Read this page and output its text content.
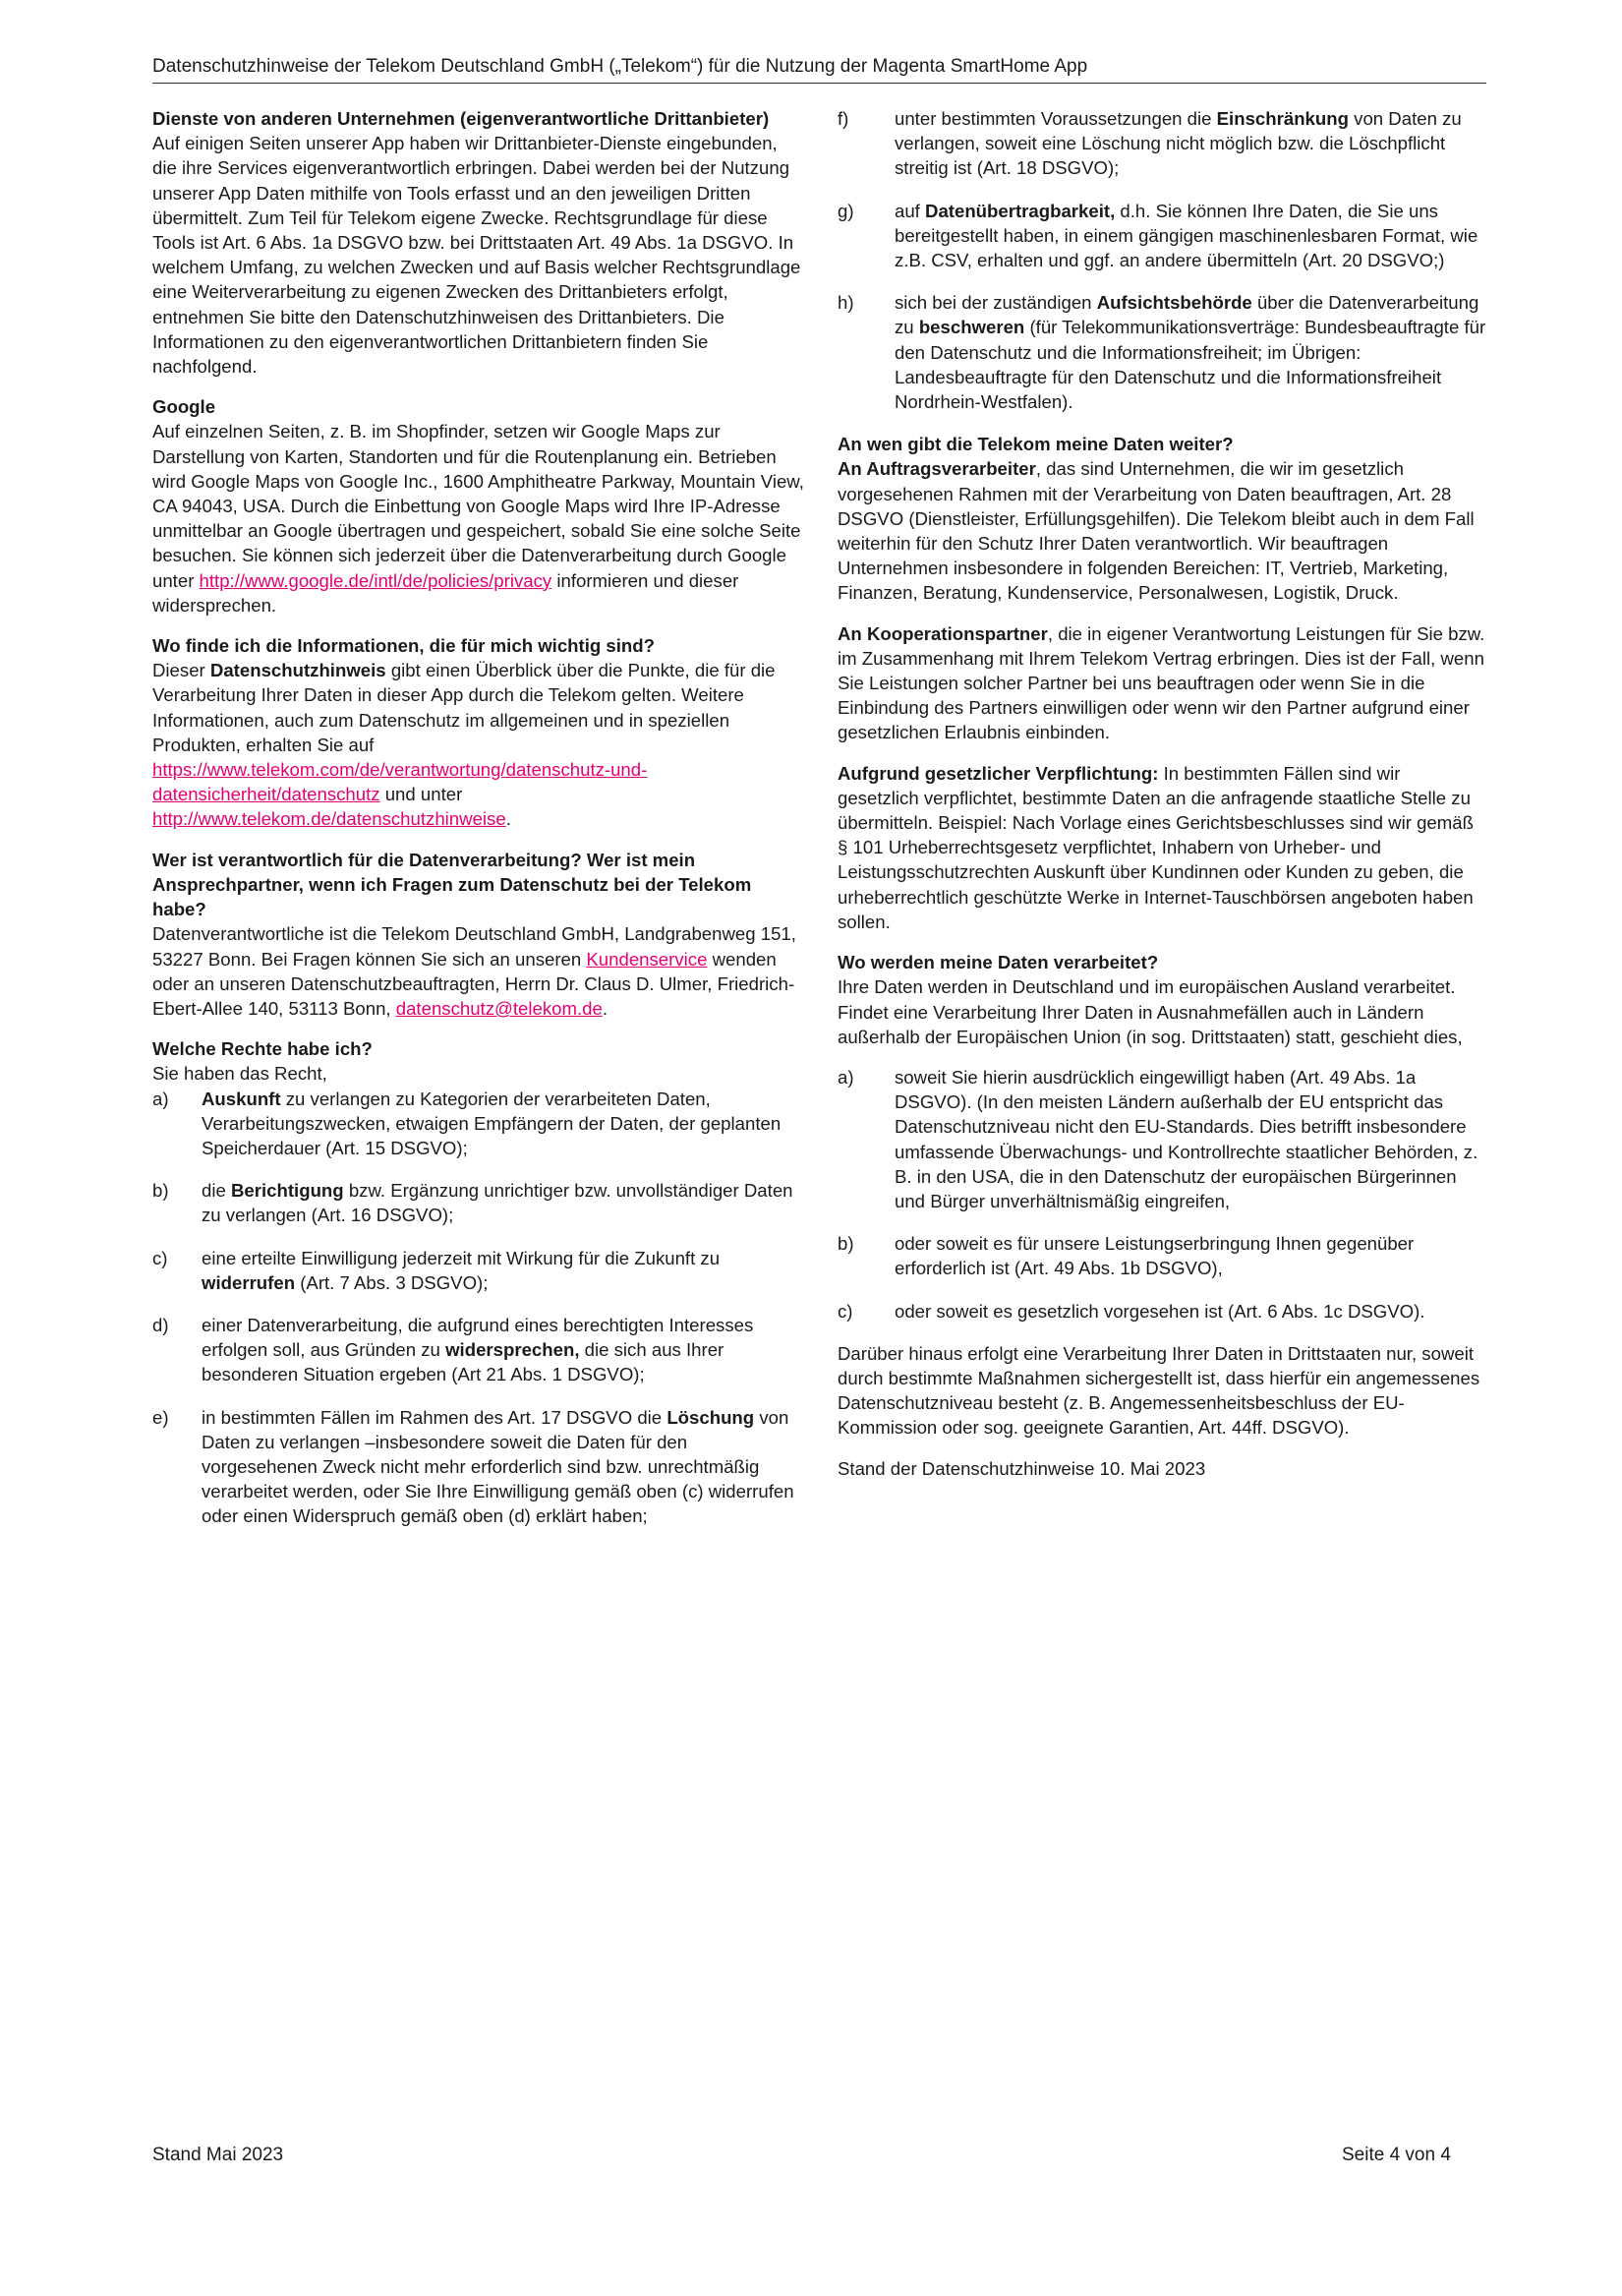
Datenschutzhinweise der Telekom Deutschland GmbH („Telekom“) für die Nutzung der Magenta SmartHome App

Dienste von anderen Unternehmen (eigenverantwortliche Drittanbieter)
Auf einigen Seiten unserer App haben wir Drittanbieter-Dienste eingebunden, die ihre Services eigenverantwortlich erbringen. Dabei werden bei der Nutzung unserer App Daten mithilfe von Tools erfasst und an den jeweiligen Dritten übermittelt. Zum Teil für Telekom eigene Zwecke. Rechtsgrundlage für diese Tools ist Art. 6 Abs. 1a DSGVO bzw. bei Drittstaaten Art. 49 Abs. 1a DSGVO. In welchem Umfang, zu welchen Zwecken und auf Basis welcher Rechtsgrundlage eine Weiterverarbeitung zu eigenen Zwecken des Drittanbieters erfolgt, entnehmen Sie bitte den Datenschutzhinweisen des Drittanbieters. Die Informationen zu den eigenverantwortlichen Drittanbietern finden Sie nachfolgend.

Google
Auf einzelnen Seiten, z. B. im Shopfinder, setzen wir Google Maps zur Darstellung von Karten, Standorten und für die Routenplanung ein. Betrieben wird Google Maps von Google Inc., 1600 Amphitheatre Parkway, Mountain View, CA 94043, USA. Durch die Einbettung von Google Maps wird Ihre IP-Adresse unmittelbar an Google übertragen und gespeichert, sobald Sie eine solche Seite besuchen. Sie können sich jederzeit über die Datenverarbeitung durch Google unter http://www.google.de/intl/de/policies/privacy informieren und dieser widersprechen.

Wo finde ich die Informationen, die für mich wichtig sind?
Dieser Datenschutzhinweis gibt einen Überblick über die Punkte, die für die Verarbeitung Ihrer Daten in dieser App durch die Telekom gelten. Weitere Informationen, auch zum Datenschutz im allgemeinen und in speziellen Produkten, erhalten Sie auf
https://www.telekom.com/de/verantwortung/datenschutz-und-datensicherheit/datenschutz und unter
http://www.telekom.de/datenschutzhinweise.

Wer ist verantwortlich für die Datenverarbeitung? Wer ist mein Ansprechpartner, wenn ich Fragen zum Datenschutz bei der Telekom habe?
Datenverantwortliche ist die Telekom Deutschland GmbH, Landgrabenweg 151, 53227 Bonn. Bei Fragen können Sie sich an unseren Kundenservice wenden oder an unseren Datenschutzbeauftragten, Herrn Dr. Claus D. Ulmer, Friedrich-Ebert-Allee 140, 53113 Bonn, datenschutz@telekom.de.

Welche Rechte habe ich?
Sie haben das Recht,
a)	Auskunft zu verlangen zu Kategorien der verarbeiteten Daten, Verarbeitungszwecken, etwaigen Empfängern der Daten, der geplanten Speicherdauer (Art. 15 DSGVO);
b)	die Berichtigung bzw. Ergänzung unrichtiger bzw. unvollständiger Daten zu verlangen (Art. 16 DSGVO);
c)	eine erteilte Einwilligung jederzeit mit Wirkung für die Zukunft zu widerrufen (Art. 7 Abs. 3 DSGVO);
d)	einer Datenverarbeitung, die aufgrund eines berechtigten Interesses erfolgen soll, aus Gründen zu widersprechen, die sich aus Ihrer besonderen Situation ergeben (Art 21 Abs. 1 DSGVO);
e)	in bestimmten Fällen im Rahmen des Art. 17 DSGVO die Löschung von Daten zu verlangen –insbesondere soweit die Daten für den vorgesehenen Zweck nicht mehr erforderlich sind bzw. unrechtmäßig verarbeitet werden, oder Sie Ihre Einwilligung gemäß oben (c) widerrufen oder einen Widerspruch gemäß oben (d) erklärt haben;
f)	unter bestimmten Voraussetzungen die Einschränkung von Daten zu verlangen, soweit eine Löschung nicht möglich bzw. die Löschpflicht streitig ist (Art. 18 DSGVO);
g)	auf Datenübertragbarkeit, d.h. Sie können Ihre Daten, die Sie uns bereitgestellt haben, in einem gängigen maschinenlesbaren Format, wie z.B. CSV, erhalten und ggf. an andere übermitteln (Art. 20 DSGVO;)
h)	sich bei der zuständigen Aufsichtsbehörde über die Datenverarbeitung zu beschweren (für Telekommunikationsverträge: Bundesbeauftragte für den Datenschutz und die Informationsfreiheit; im Übrigen: Landesbeauftragte für den Datenschutz und die Informationsfreiheit Nordrhein-Westfalen).
An wen gibt die Telekom meine Daten weiter?

An Auftragsverarbeiter, das sind Unternehmen, die wir im gesetzlich vorgesehenen Rahmen mit der Verarbeitung von Daten beauftragen, Art. 28 DSGVO (Dienstleister, Erfüllungsgehilfen). Die Telekom bleibt auch in dem Fall weiterhin für den Schutz Ihrer Daten verantwortlich. Wir beauftragen Unternehmen insbesondere in folgenden Bereichen: IT, Vertrieb, Marketing, Finanzen, Beratung, Kundenservice, Personalwesen, Logistik, Druck.

An Kooperationspartner, die in eigener Verantwortung Leistungen für Sie bzw. im Zusammenhang mit Ihrem Telekom Vertrag erbringen. Dies ist der Fall, wenn Sie Leistungen solcher Partner bei uns beauftragen oder wenn Sie in die Einbindung des Partners einwilligen oder wenn wir den Partner aufgrund einer gesetzlichen Erlaubnis einbinden.

Aufgrund gesetzlicher Verpflichtung: In bestimmten Fällen sind wir gesetzlich verpflichtet, bestimmte Daten an die anfragende staatliche Stelle zu übermitteln. Beispiel: Nach Vorlage eines Gerichtsbeschlusses sind wir gemäß § 101 Urheberrechtsgesetz verpflichtet, Inhabern von Urheber- und Leistungsschutzrechten Auskunft über Kundinnen oder Kunden zu geben, die urheberrechtlich geschützte Werke in Internet-Tauschbörsen angeboten haben sollen.

Wo werden meine Daten verarbeitet?

Ihre Daten werden in Deutschland und im europäischen Ausland verarbeitet. Findet eine Verarbeitung Ihrer Daten in Ausnahmefällen auch in Ländern außerhalb der Europäischen Union (in sog. Drittstaaten) statt, geschieht dies,

a)	soweit Sie hierin ausdrücklich eingewilligt haben (Art. 49 Abs. 1a DSGVO). (In den meisten Ländern außerhalb der EU entspricht das Datenschutzniveau nicht den EU-Standards. Dies betrifft insbesondere umfassende Überwachungs- und Kontrollrechte staatlicher Behörden, z. B. in den USA, die in den Datenschutz der europäischen Bürgerinnen und Bürger unverhältnismäßig eingreifen,
b)	oder soweit es für unsere Leistungserbringung Ihnen gegenüber erforderlich ist (Art. 49 Abs. 1b DSGVO),
c)	oder soweit es gesetzlich vorgesehen ist (Art. 6 Abs. 1c DSGVO).

Darüber hinaus erfolgt eine Verarbeitung Ihrer Daten in Drittstaaten nur, soweit durch bestimmte Maßnahmen sichergestellt ist, dass hierfür ein angemessenes Datenschutzniveau besteht (z. B. Angemessenheitsbeschluss der EU-Kommission oder sog. geeignete Garantien, Art. 44ff. DSGVO).

Stand der Datenschutzhinweise 10. Mai 2023

Stand Mai 2023	Seite 4 von 4
